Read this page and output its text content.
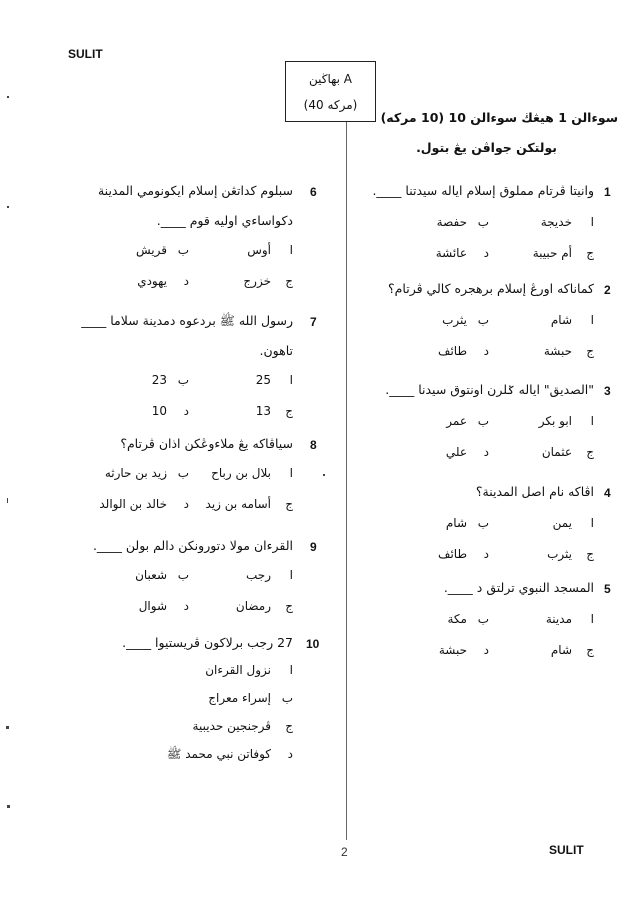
SULIT
SULIT
2
بهاڬين A
(40 مرکه)
سوءالن 1 هيڠڬ سوءالن 10 (10 مرکه)
بولتکن جواڤن يڠ بتول.
1
وانيتا ڤرتام مملوق إسلام اياله سيدتنا ____.
اخديجة
بحفصة
جأم حبيبة
دعائشة
2
کماناکه اورڠ إسلام برهجره کالي ڤرتام؟
اشام
بيثرب
جحبشة
دطائف
3
"الصديق" اياله ݢلرن اونتوق سيدنا ____.
اابو بكر
بعمر
جعثمان
دعلي
4
اڤاکه نام اصل المدينة؟
ايمن
بشام
جيثرب
دطائف
5
المسجد النبوي ترلتق د ____.
امدينة
بمكة
جشام
دحبشة
6
سبلوم کداتڠن إسلام ايکونومي المدينة
دکواساءي اوليه قوم ____.
اأوس
بقريش
جخزرج
ديهودي
7
رسول الله ﷺ بردعوه دمدينة سلاما ____
تاهون.
ا25
ب23
ج13
د10
8
سياڤاکه يڠ ملاءوڠکن اذان ڤرتام؟
ابلال بن رباح
بزيد بن حارثه
جأسامه بن زيد
دخالد بن الوالد
9
القرءان مولا دتورونکن دالم بولن ____.
ارجب
بشعبان
جرمضان
دشوال
10
27 رجب برلاکون ڤريستيوا ____.
انزول القرءان
بإسراء معراج
جڤرجنجين حديبية
دکوفاتن نبي محمد ﷺ
